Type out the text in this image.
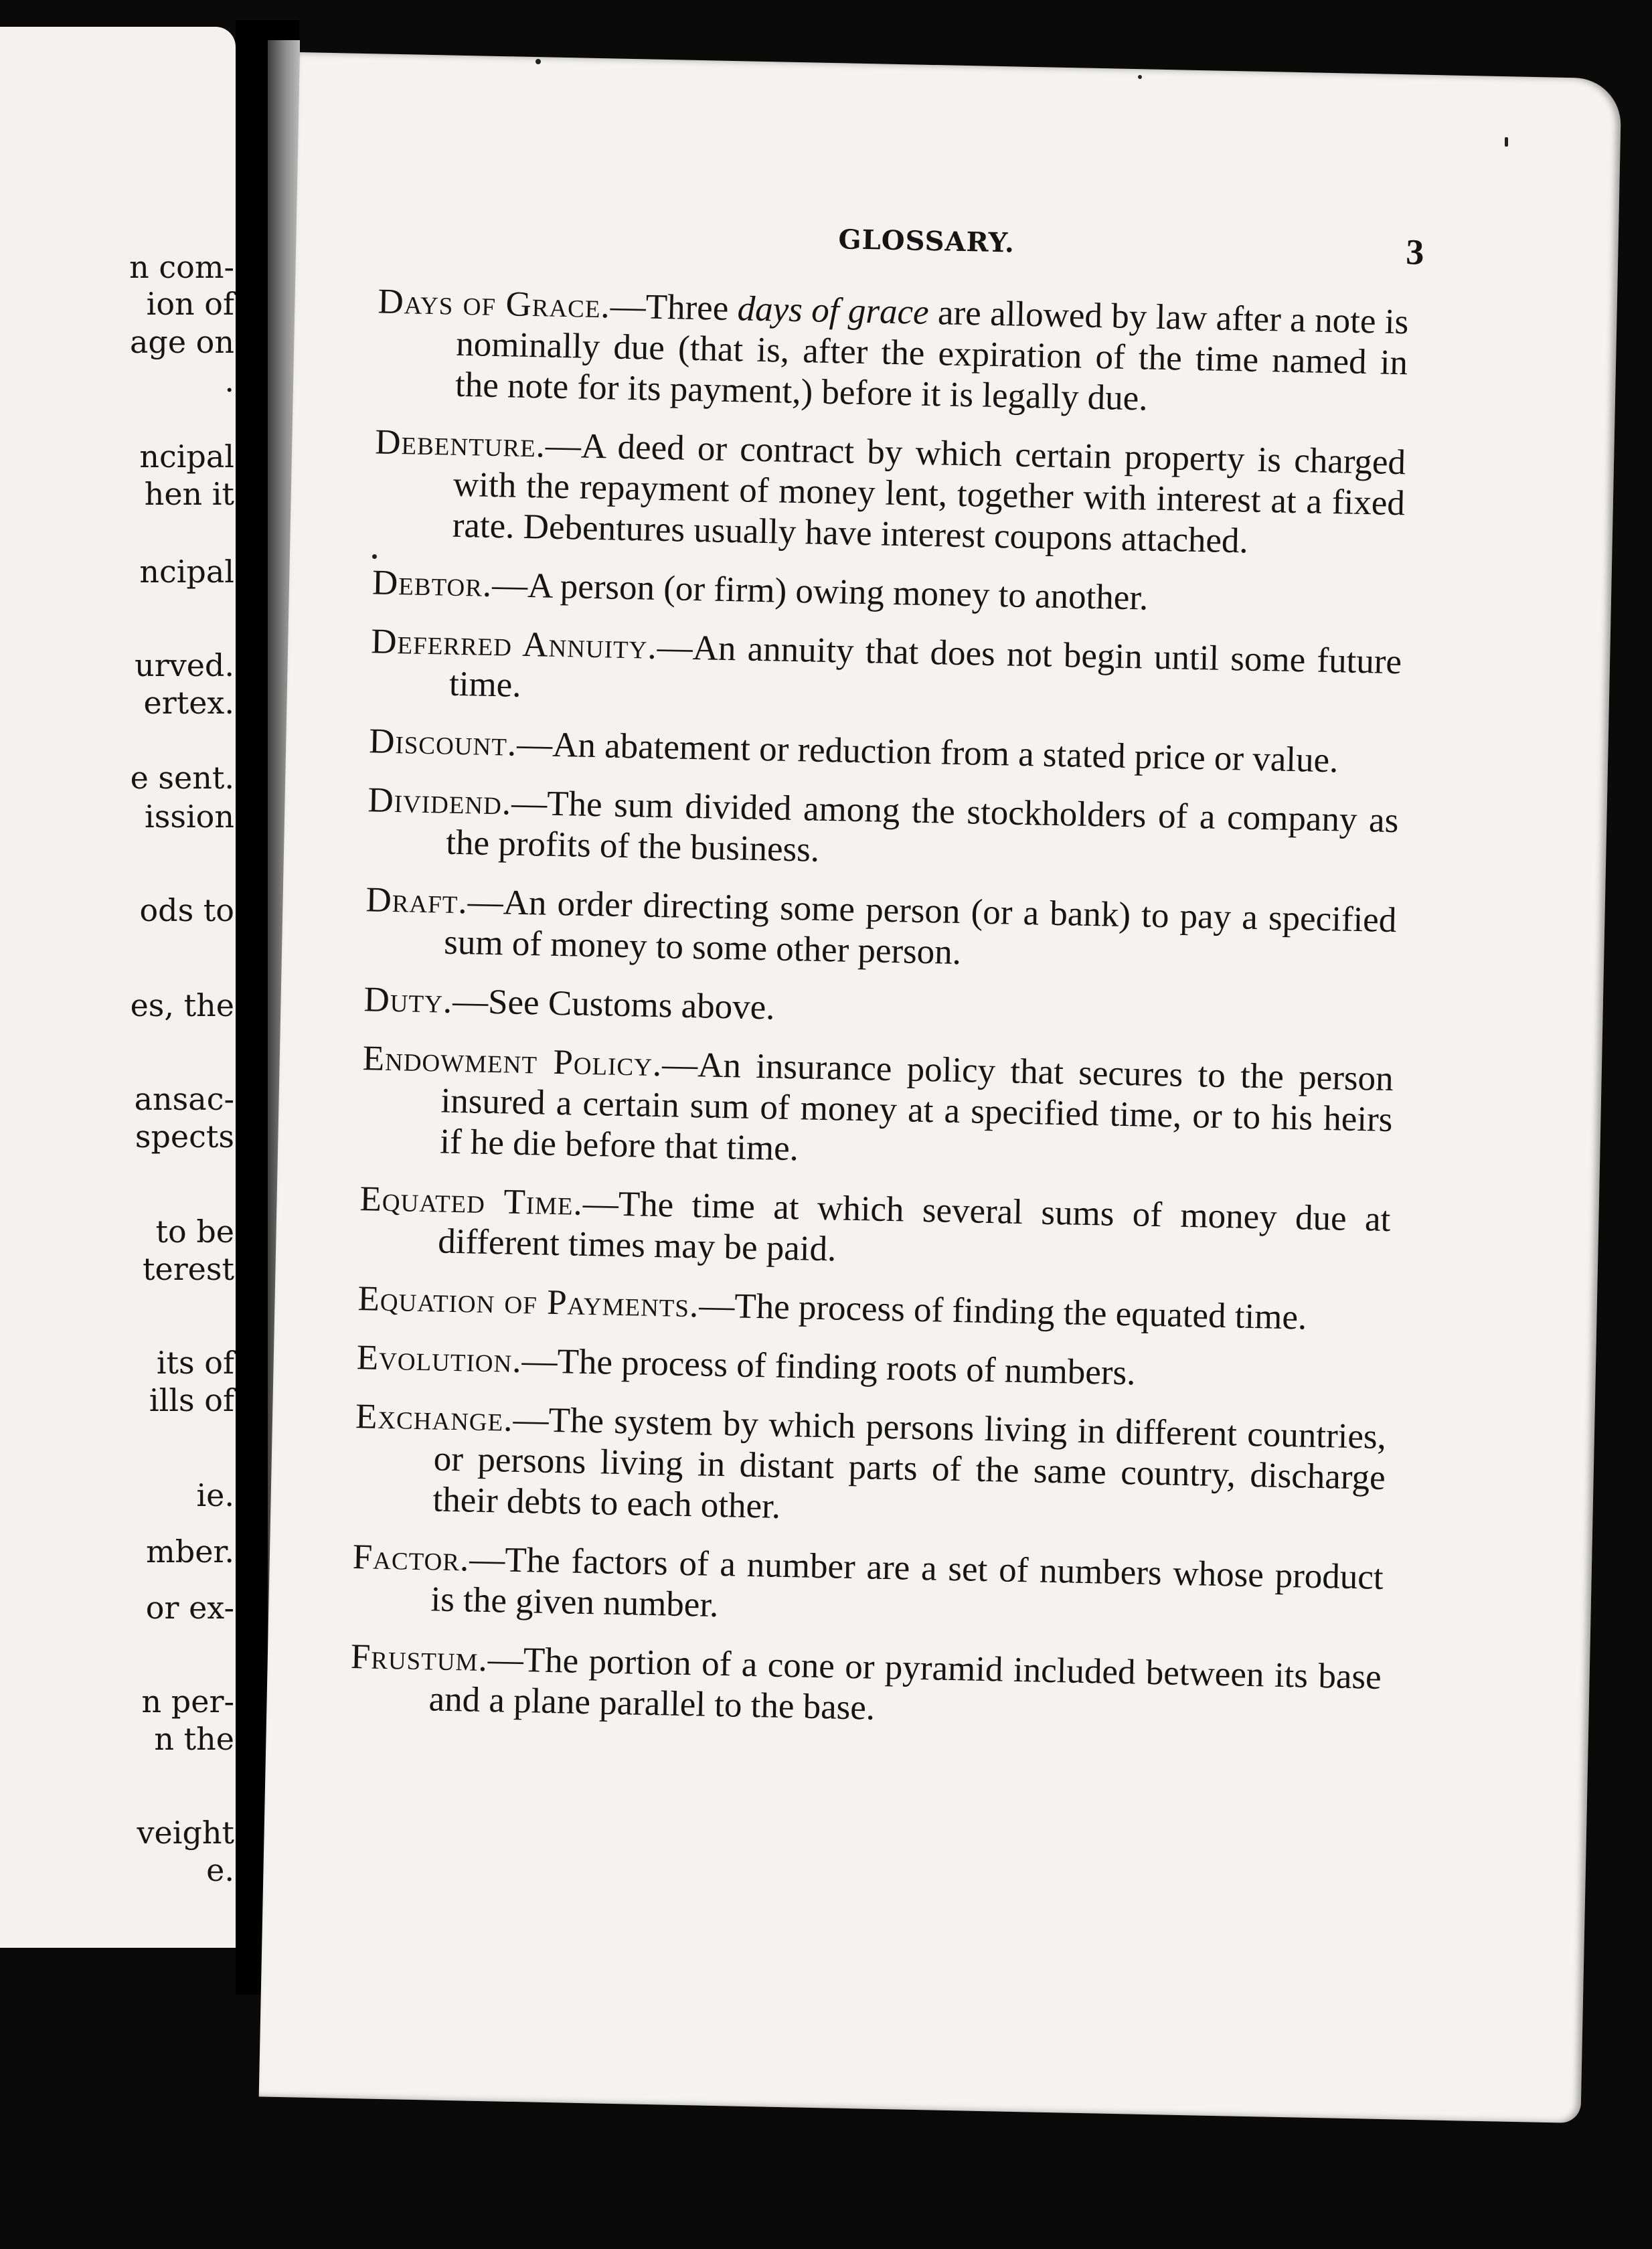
n com-
ion of
age on
.
ncipal
hen it
ncipal
urved.
ertex.
e sent.
ission
ods to
es, the
ansac-
spects
to be
terest
its of
ills of
ie.
mber.
or ex-
n per-
n the
veight
e.
GLOSSARY.	3

Days of Grace.—Three days of grace are allowed by law after a note is nominally due (that is, after the expiration of the time named in the note for its payment,) before it is legally due.

Debenture.—A deed or contract by which certain property is charged with the repayment of money lent, together with interest at a fixed rate. Debentures usually have interest coupons attached.

Debtor.—A person (or firm) owing money to another.

Deferred Annuity.—An annuity that does not begin until some future time.

Discount.—An abatement or reduction from a stated price or value.

Dividend.—The sum divided among the stockholders of a company as the profits of the business.

Draft.—An order directing some person (or a bank) to pay a specified sum of money to some other person.

Duty.—See Customs above.

Endowment Policy.—An insurance policy that secures to the person insured a certain sum of money at a specified time, or to his heirs if he die before that time.

Equated Time.—The time at which several sums of money due at different times may be paid.

Equation of Payments.—The process of finding the equated time.

Evolution.—The process of finding roots of numbers.

Exchange.—The system by which persons living in different countries, or persons living in distant parts of the same country, discharge their debts to each other.

Factor.—The factors of a number are a set of numbers whose product is the given number.

Frustum.—The portion of a cone or pyramid included between its base and a plane parallel to the base.
